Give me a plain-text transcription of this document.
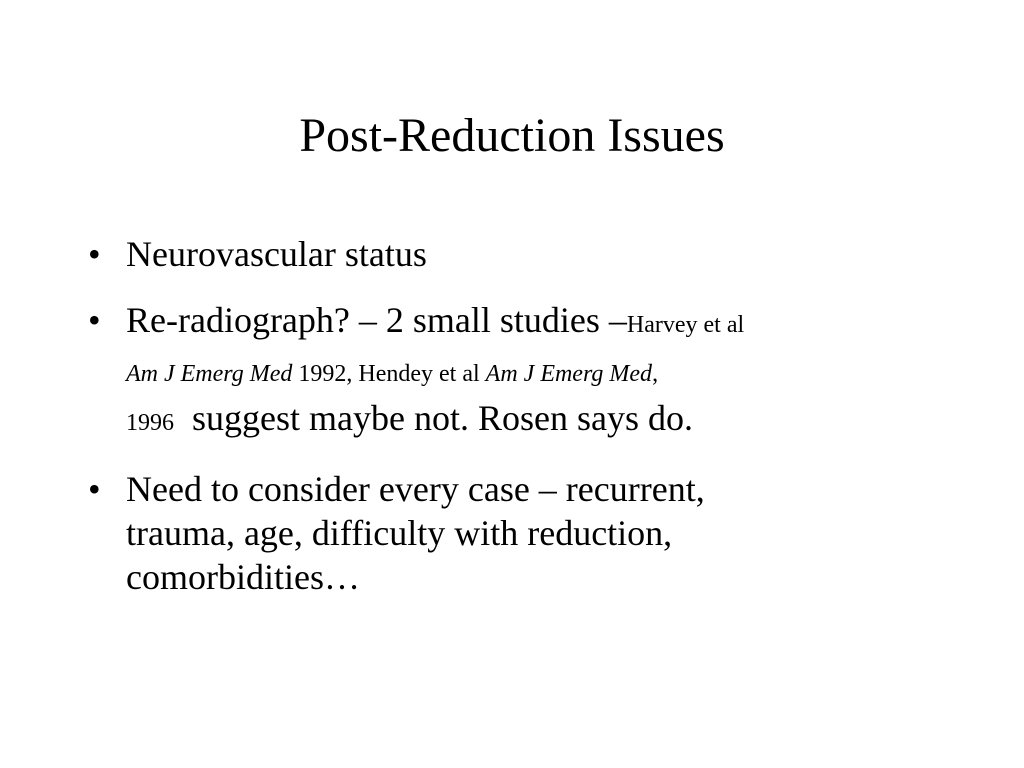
Post-Reduction Issues
• Neurovascular status
• Re-radiograph? – 2 small studies –Harvey et al
Am J Emerg Med 1992, Hendey et al Am J Emerg Med,
1996 suggest maybe not. Rosen says do.
• Need to consider every case – recurrent,
trauma, age, difficulty with reduction,
comorbidities…
